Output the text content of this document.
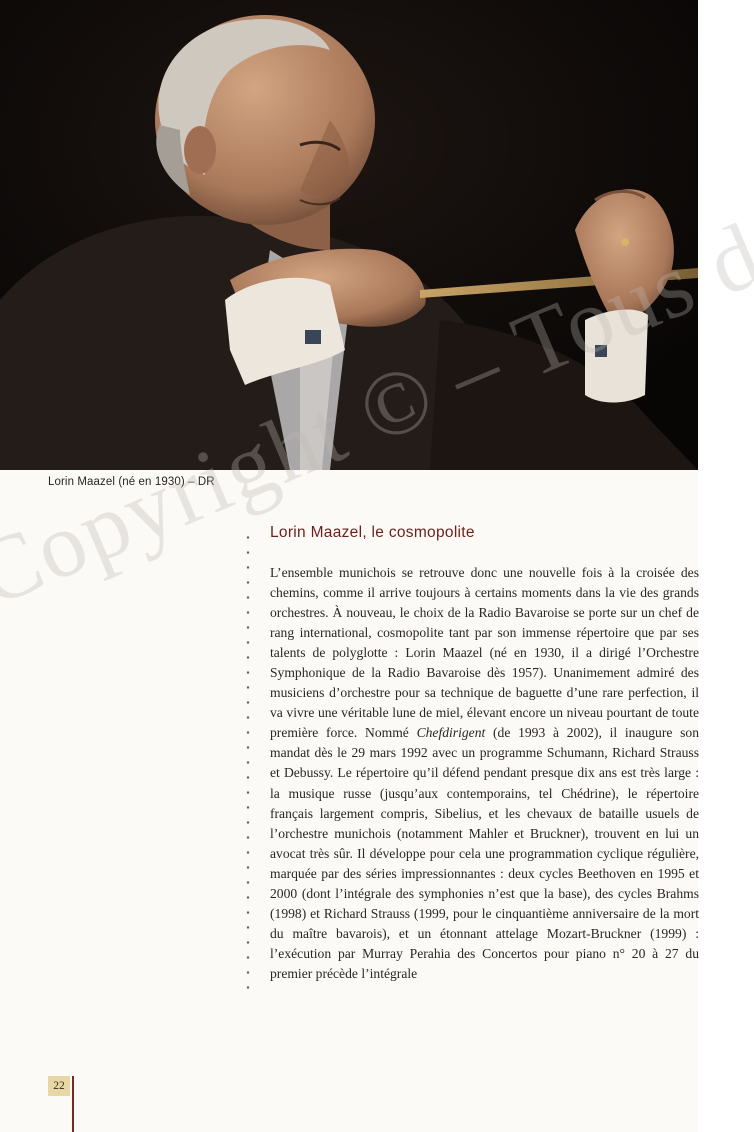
Lorin Maazel (né en 1930) – DR
Copyright © – Tous droits
Lorin Maazel, le cosmopolite

L’ensemble munichois se retrouve donc une nouvelle fois à la croisée des chemins, comme il arrive toujours à certains moments dans la vie des grands orchestres. À nouveau, le choix de la Radio Bavaroise se porte sur un chef de rang international, cosmopolite tant par son immense répertoire que par ses talents de polyglotte : Lorin Maazel (né en 1930, il a dirigé l’Orchestre Symphonique de la Radio Bavaroise dès 1957). Unanimement admiré des musiciens d’orchestre pour sa technique de baguette d’une rare perfection, il va vivre une véritable lune de miel, élevant encore un niveau pourtant de toute première force. Nommé Chefdirigent (de 1993 à 2002), il inaugure son mandat dès le 29 mars 1992 avec un programme Schumann, Richard Strauss et Debussy. Le répertoire qu’il défend pendant presque dix ans est très large : la musique russe (jusqu’aux contemporains, tel Chédrine), le répertoire français largement compris, Sibelius, et les chevaux de bataille usuels de l’orchestre munichois (notamment Mahler et Bruckner), trouvent en lui un avocat très sûr. Il développe pour cela une programmation cyclique régulière, marquée par des séries impressionnantes : deux cycles Beethoven en 1995 et 2000 (dont l’intégrale des symphonies n’est que la base), des cycles Brahms (1998) et Richard Strauss (1999, pour le cinquantième anniversaire de la mort du maître bavarois), et un étonnant attelage Mozart-Bruckner (1999) : l’exécution par Murray Perahia des Concertos pour piano n° 20 à 27 du premier précède l’intégrale

22
